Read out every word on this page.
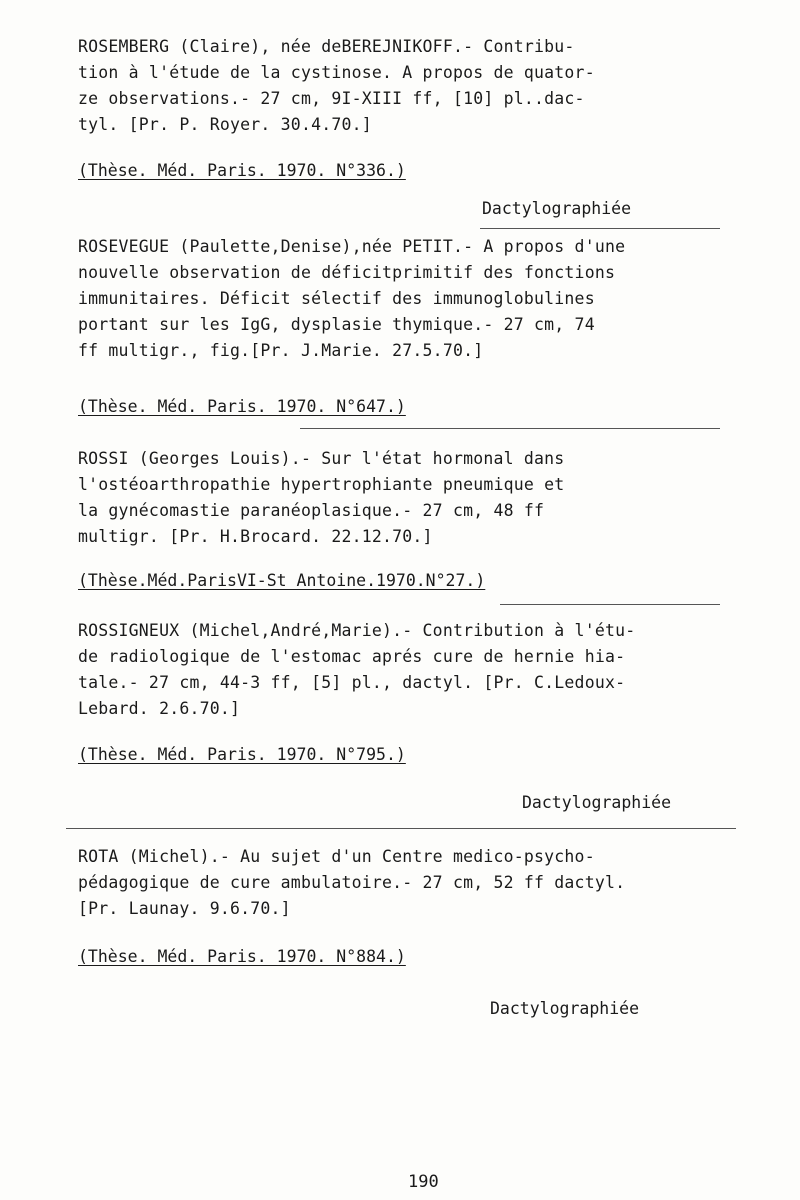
ROSEMBERG (Claire), née deBEREJNIKOFF.- Contribu-

tion à l'étude de la cystinose. A propos de quator-

ze observations.- 27 cm, 9I-XIII ff, [10] pl..dac-

tyl. [Pr. P. Royer. 30.4.70.]

(Thèse. Méd. Paris. 1970. N°336.)

Dactylographiée

ROSEVEGUE (Paulette,Denise),née PETIT.- A propos d'une

nouvelle observation de déficitprimitif des fonctions

immunitaires. Déficit sélectif des immunoglobulines

portant sur les IgG, dysplasie thymique.- 27 cm, 74

ff multigr., fig.[Pr. J.Marie. 27.5.70.]

(Thèse. Méd. Paris. 1970. N°647.)

ROSSI (Georges Louis).- Sur l'état hormonal dans

l'ostéoarthropathie hypertrophiante pneumique et

la gynécomastie paranéoplasique.- 27 cm, 48 ff

multigr. [Pr. H.Brocard. 22.12.70.]

(Thèse.Méd.ParisVI-St Antoine.1970.N°27.)

ROSSIGNEUX (Michel,André,Marie).- Contribution à l'étu-

de radiologique de l'estomac aprés cure de hernie hia-

tale.- 27 cm, 44-3 ff, [5] pl., dactyl. [Pr. C.Ledoux-

Lebard. 2.6.70.]

(Thèse. Méd. Paris. 1970. N°795.)

Dactylographiée

ROTA (Michel).- Au sujet d'un Centre medico-psycho-

pédagogique de cure ambulatoire.- 27 cm, 52 ff dactyl.

[Pr. Launay. 9.6.70.]

(Thèse. Méd. Paris. 1970. N°884.)

Dactylographiée
190
